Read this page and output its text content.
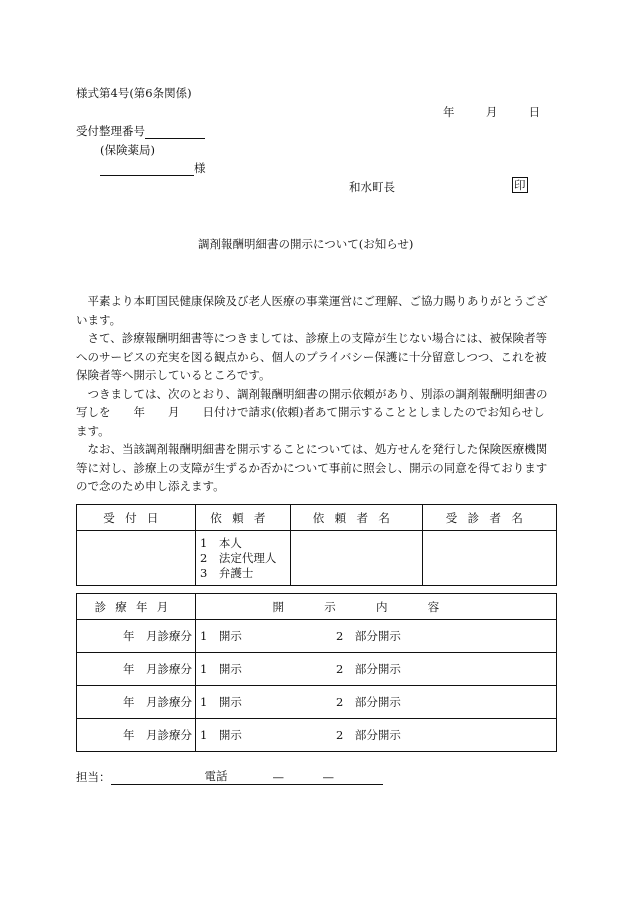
様式第4号(第6条関係)
年	月	日
受付整理番号
(保険薬局)
様
和水町長	印
調剤報酬明細書の開示について(お知らせ)

平素より本町国民健康保険及び老人医療の事業運営にご理解、ご協力賜りありがとうございます。

さて、診療報酬明細書等につきましては、診療上の支障が生じない場合には、被保険者等へのサービスの充実を図る観点から、個人のプライバシー保護に十分留意しつつ、これを被保険者等へ開示しているところです。

つきましては、次のとおり、調剤報酬明細書の開示依頼があり、別添の調剤報酬明細書の写しを　　年　　月　　日付けで請求(依頼)者あて開示することとしましたのでお知らせします。

なお、当該調剤報酬明細書を開示することについては、処方せんを発行した保険医療機関等に対し、診療上の支障が生ずるか否かについて事前に照会し、開示の同意を得ておりますので念のため申し添えます。

受付日	依頼者	依頼者名	受診者名

	1　本人
2　法定代理人
3　弁護士		

診療年月	開示内容
年　月診療分	1　開示 2　部分開示
年　月診療分	1　開示 2　部分開示
年　月診療分	1　開示 2　部分開示
年　月診療分	1　開示 2　部分開示
担当：	電話	—	—
